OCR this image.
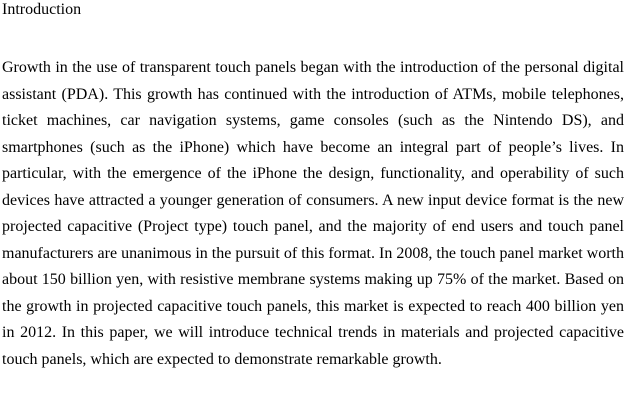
Introduction
Growth in the use of transparent touch panels began with the introduction of the personal digital
assistant (PDA). This growth has continued with the introduction of ATMs, mobile telephones,
ticket machines, car navigation systems, game consoles (such as the Nintendo DS), and
smartphones (such as the iPhone) which have become an integral part of people’s lives. In
particular, with the emergence of the iPhone the design, functionality, and operability of such
devices have attracted a younger generation of consumers. A new input device format is the new
projected capacitive (Project type) touch panel, and the majority of end users and touch panel
manufacturers are unanimous in the pursuit of this format. In 2008, the touch panel market worth
about 150 billion yen, with resistive membrane systems making up 75% of the market. Based on
the growth in projected capacitive touch panels, this market is expected to reach 400 billion yen
in 2012. In this paper, we will introduce technical trends in materials and projected capacitive
touch panels, which are expected to demonstrate remarkable growth.
